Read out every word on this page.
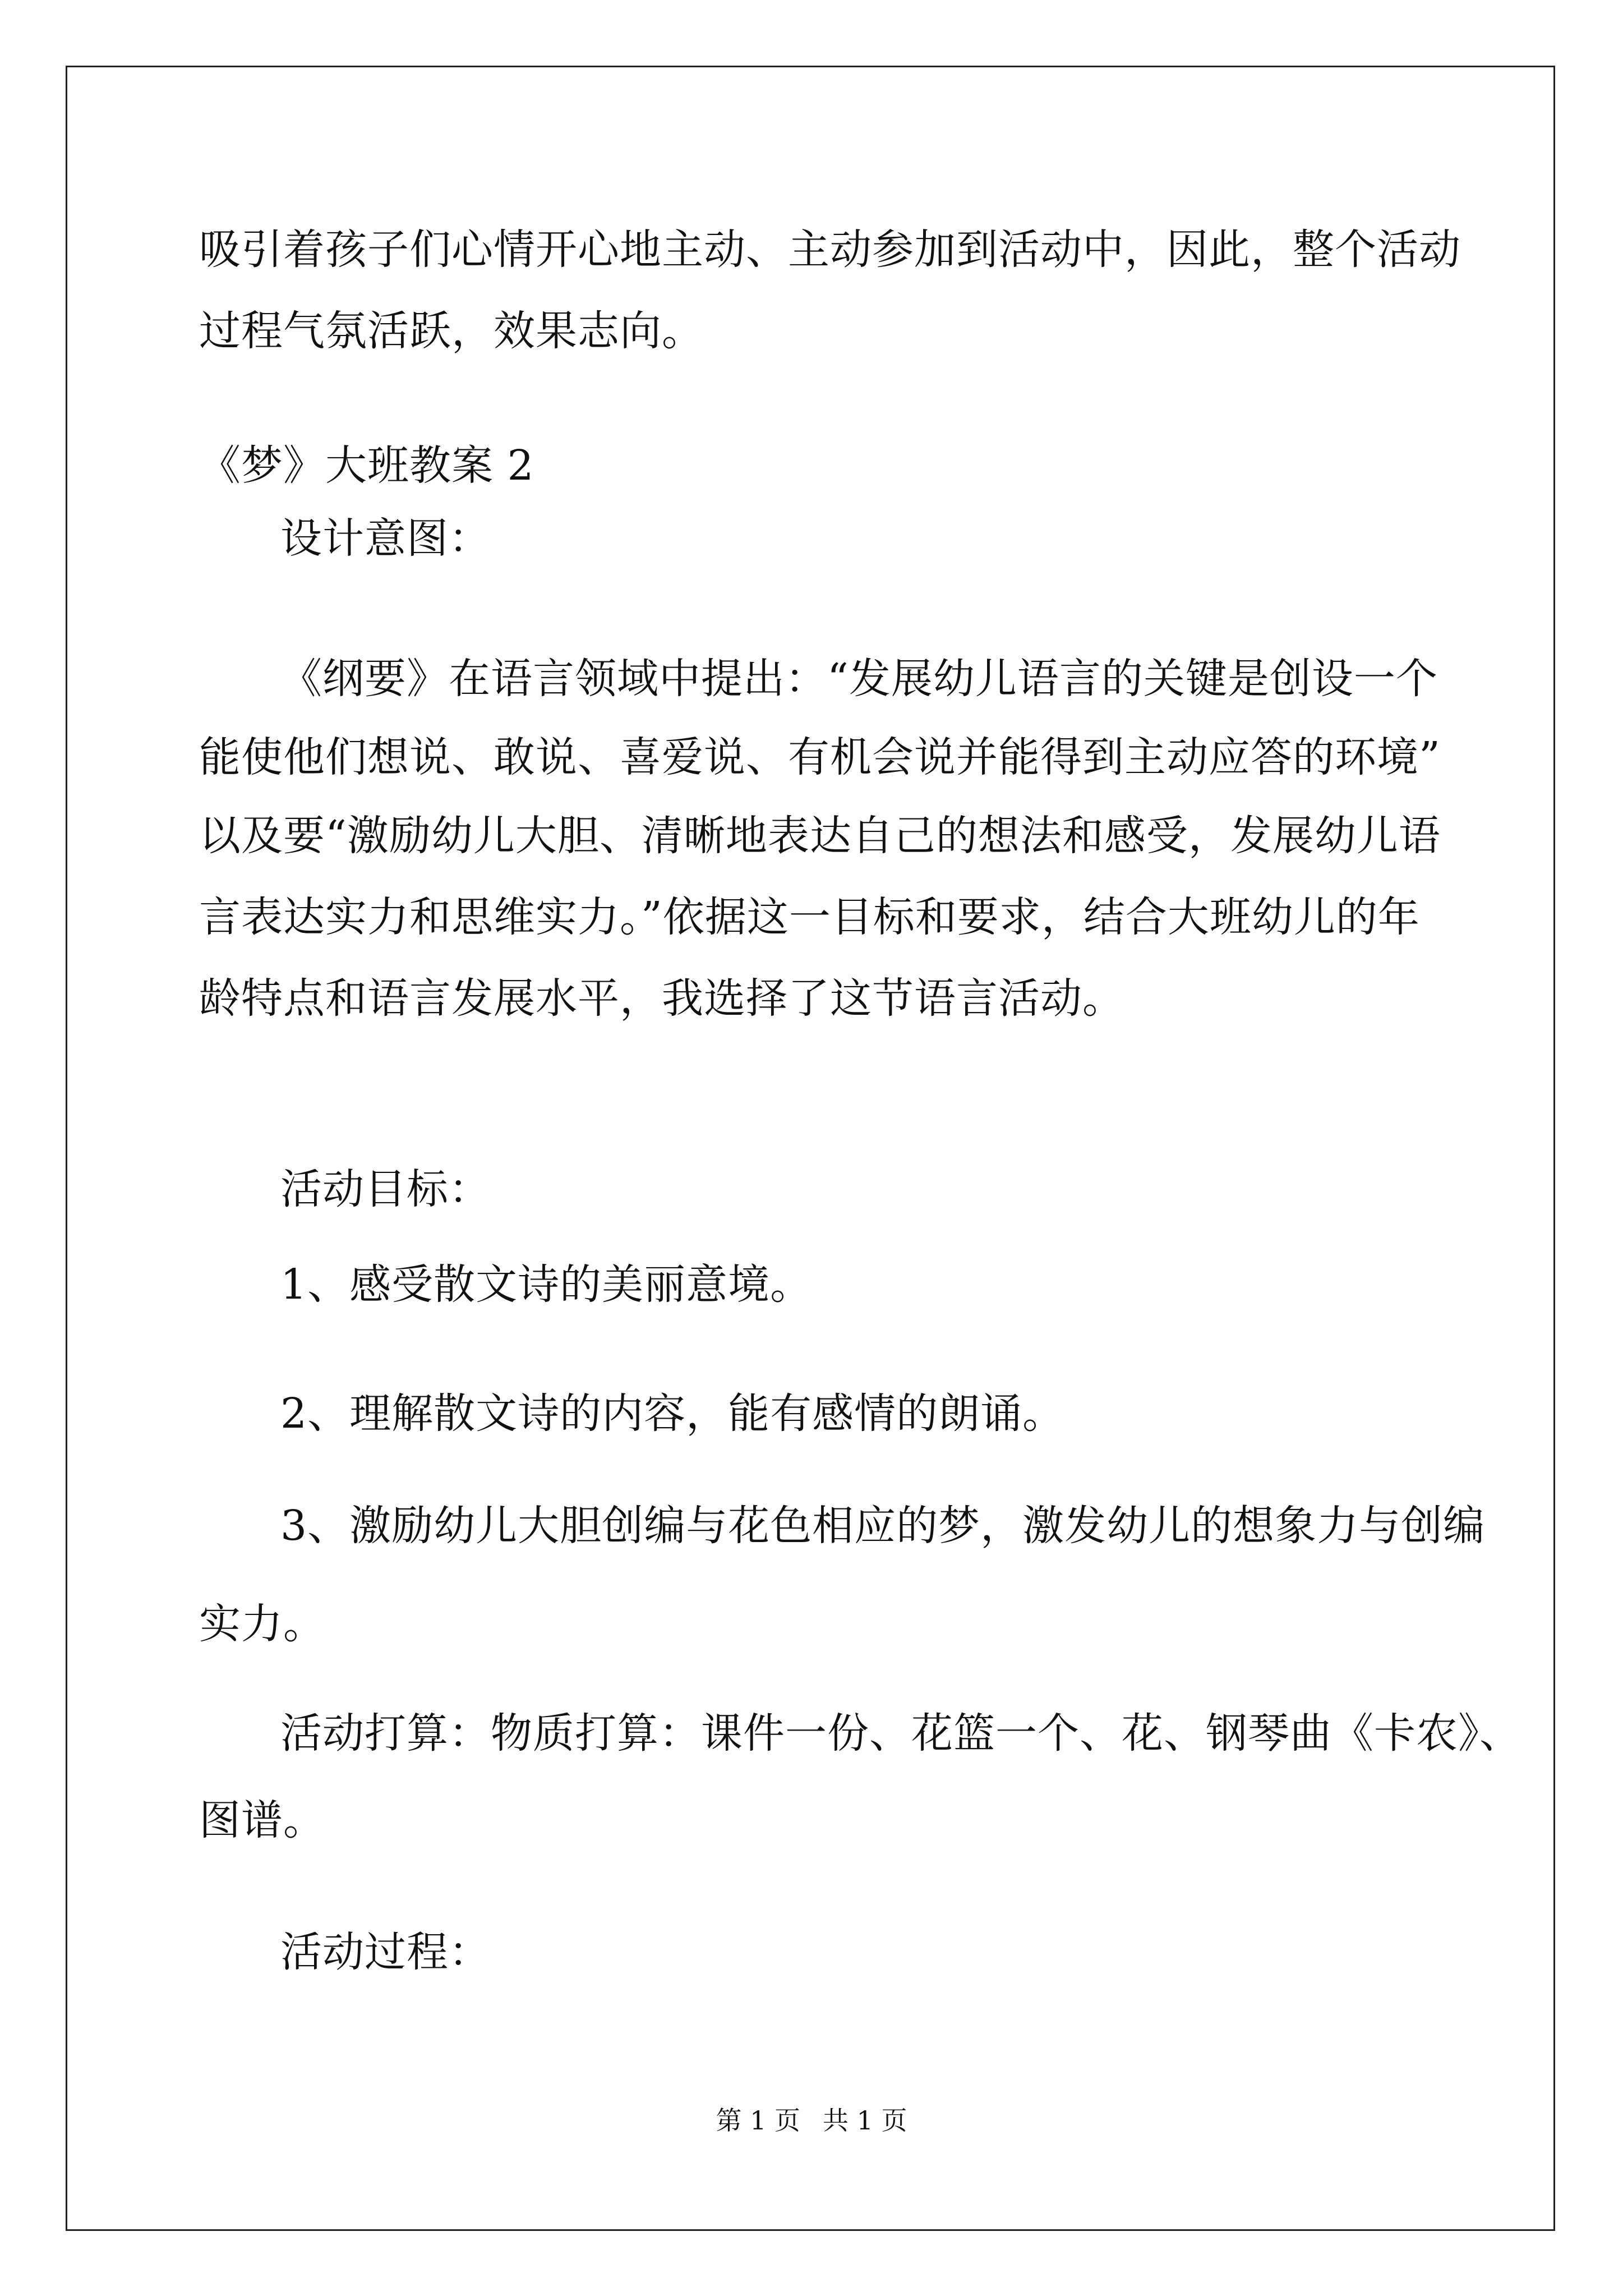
吸引着孩子们心情开心地主动、主动参加到活动中，因此，整个活动
过程气氛活跃，效果志向。
《梦》大班教案 2
设计意图：
《纲要》在语言领域中提出：“发展幼儿语言的关键是创设一个
能使他们想说、敢说、喜爱说、有机会说并能得到主动应答的环境”
以及要“激励幼儿大胆、清晰地表达自己的想法和感受，发展幼儿语
言表达实力和思维实力。”依据这一目标和要求，结合大班幼儿的年
龄特点和语言发展水平，我选择了这节语言活动。
活动目标：
1、感受散文诗的美丽意境。
2、理解散文诗的内容，能有感情的朗诵。
3、激励幼儿大胆创编与花色相应的梦，激发幼儿的想象力与创编
实力。
活动打算：物质打算：课件一份、花篮一个、花、钢琴曲《卡农》、
图谱。
活动过程：
第 1 页 共 1 页
